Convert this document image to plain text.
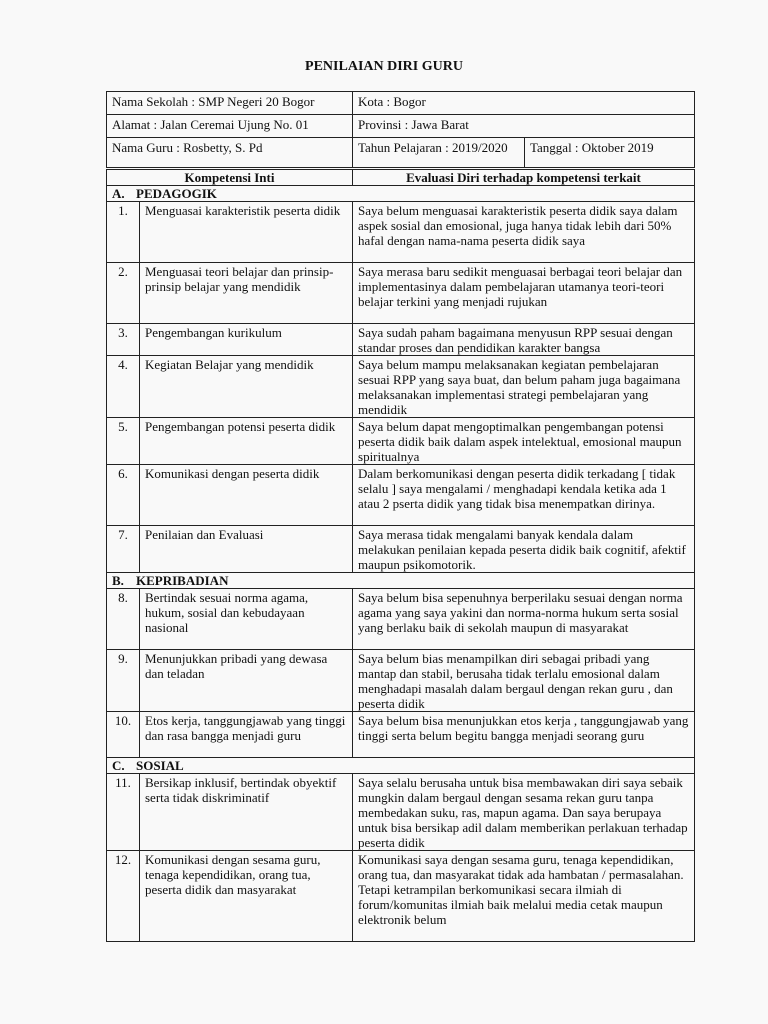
PENILAIAN DIRI GURU
Nama Sekolah : SMP Negeri 20 Bogor	Kota : Bogor	
Alamat : Jalan Ceremai Ujung No. 01	Provinsi : Jawa Barat	
Nama Guru : Rosbetty, S. Pd	Tahun Pelajaran : 2019/2020	Tanggal : Oktober 2019
Kompetensi Inti		Evaluasi Diri terhadap kompetensi terkait
A. PEDAGOGIK		
1.	Menguasai karakteristik peserta didik	Saya belum menguasai karakteristik peserta didik saya dalam aspek sosial dan emosional, juga hanya tidak lebih dari 50% hafal dengan nama-nama peserta didik saya
2.	Menguasai teori belajar dan prinsip-prinsip belajar yang mendidik	Saya merasa baru sedikit menguasai berbagai teori belajar dan implementasinya dalam pembelajaran utamanya teori-teori belajar terkini yang menjadi rujukan
3.	Pengembangan kurikulum	Saya sudah paham bagaimana menyusun RPP sesuai dengan standar proses dan pendidikan karakter bangsa
4.	Kegiatan Belajar yang mendidik	Saya belum mampu melaksanakan kegiatan pembelajaran sesuai RPP yang saya buat, dan belum paham juga bagaimana melaksanakan implementasi strategi pembelajaran yang mendidik
5.	Pengembangan potensi peserta didik	Saya belum dapat mengoptimalkan pengembangan potensi peserta didik baik dalam aspek intelektual, emosional maupun spiritualnya
6.	Komunikasi dengan peserta didik	Dalam berkomunikasi dengan peserta didik terkadang [ tidak selalu ] saya mengalami / menghadapi kendala ketika ada 1 atau 2 pserta didik yang tidak bisa menempatkan dirinya.
7.	Penilaian dan Evaluasi	Saya merasa tidak mengalami banyak kendala dalam melakukan penilaian kepada peserta didik baik cognitif, afektif maupun psikomotorik.
B. KEPRIBADIAN		
8.	Bertindak sesuai norma agama, hukum, sosial dan kebudayaan nasional	Saya belum bisa sepenuhnya berperilaku sesuai dengan norma agama yang saya yakini dan norma-norma hukum serta sosial yang berlaku baik di sekolah maupun di masyarakat
9.	Menunjukkan pribadi yang dewasa dan teladan	Saya belum bias menampilkan diri sebagai pribadi yang mantap dan stabil, berusaha tidak terlalu emosional dalam menghadapi masalah dalam bergaul dengan rekan guru , dan peserta didik
10.	Etos kerja, tanggungjawab yang tinggi dan rasa bangga menjadi guru	Saya belum bisa menunjukkan etos kerja , tanggungjawab yang tinggi serta belum begitu bangga menjadi seorang guru
C. SOSIAL		
11.	Bersikap inklusif, bertindak obyektif serta tidak diskriminatif	Saya selalu berusaha untuk bisa membawakan diri saya sebaik mungkin dalam bergaul dengan sesama rekan guru tanpa membedakan suku, ras, mapun agama. Dan saya berupaya untuk bisa bersikap adil dalam memberikan perlakuan terhadap peserta didik
12.	Komunikasi dengan sesama guru, tenaga kependidikan, orang tua, peserta didik dan masyarakat	Komunikasi saya dengan sesama guru, tenaga kependidikan, orang tua, dan masyarakat tidak ada hambatan / permasalahan. Tetapi ketrampilan berkomunikasi secara ilmiah di forum/komunitas ilmiah baik melalui media cetak maupun elektronik belum
